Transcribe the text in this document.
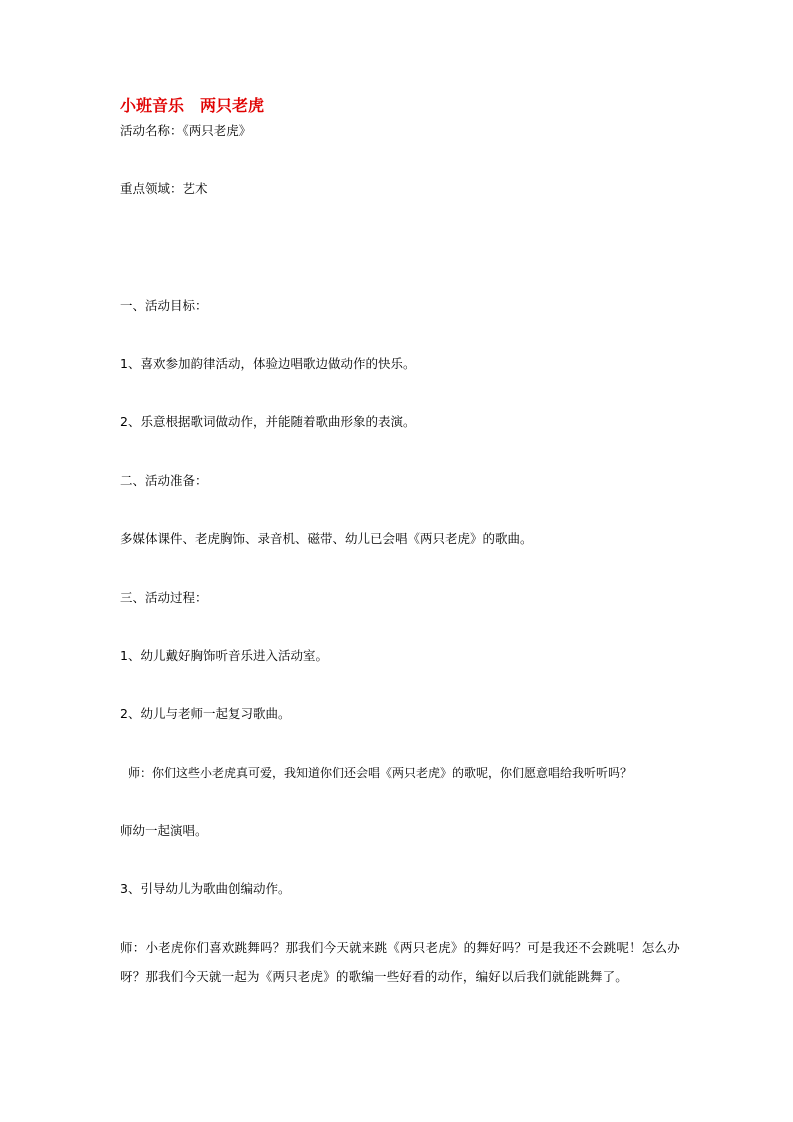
小班音乐 两只老虎
活动名称：《两只老虎》
重点领域：艺术
一、活动目标：
1、喜欢参加韵律活动，体验边唱歌边做动作的快乐。
2、乐意根据歌词做动作，并能随着歌曲形象的表演。
二、活动准备：
多媒体课件、老虎胸饰、录音机、磁带、幼儿已会唱《两只老虎》的歌曲。
三、活动过程：
1、幼儿戴好胸饰听音乐进入活动室。
2、幼儿与老师一起复习歌曲。
师：你们这些小老虎真可爱，我知道你们还会唱《两只老虎》的歌呢，你们愿意唱给我听听吗？
师幼一起演唱。
3、引导幼儿为歌曲创编动作。
师：小老虎你们喜欢跳舞吗？那我们今天就来跳《两只老虎》的舞好吗？可是我还不会跳呢！怎么办呀？那我们今天就一起为《两只老虎》的歌编一些好看的动作，编好以后我们就能跳舞了。
